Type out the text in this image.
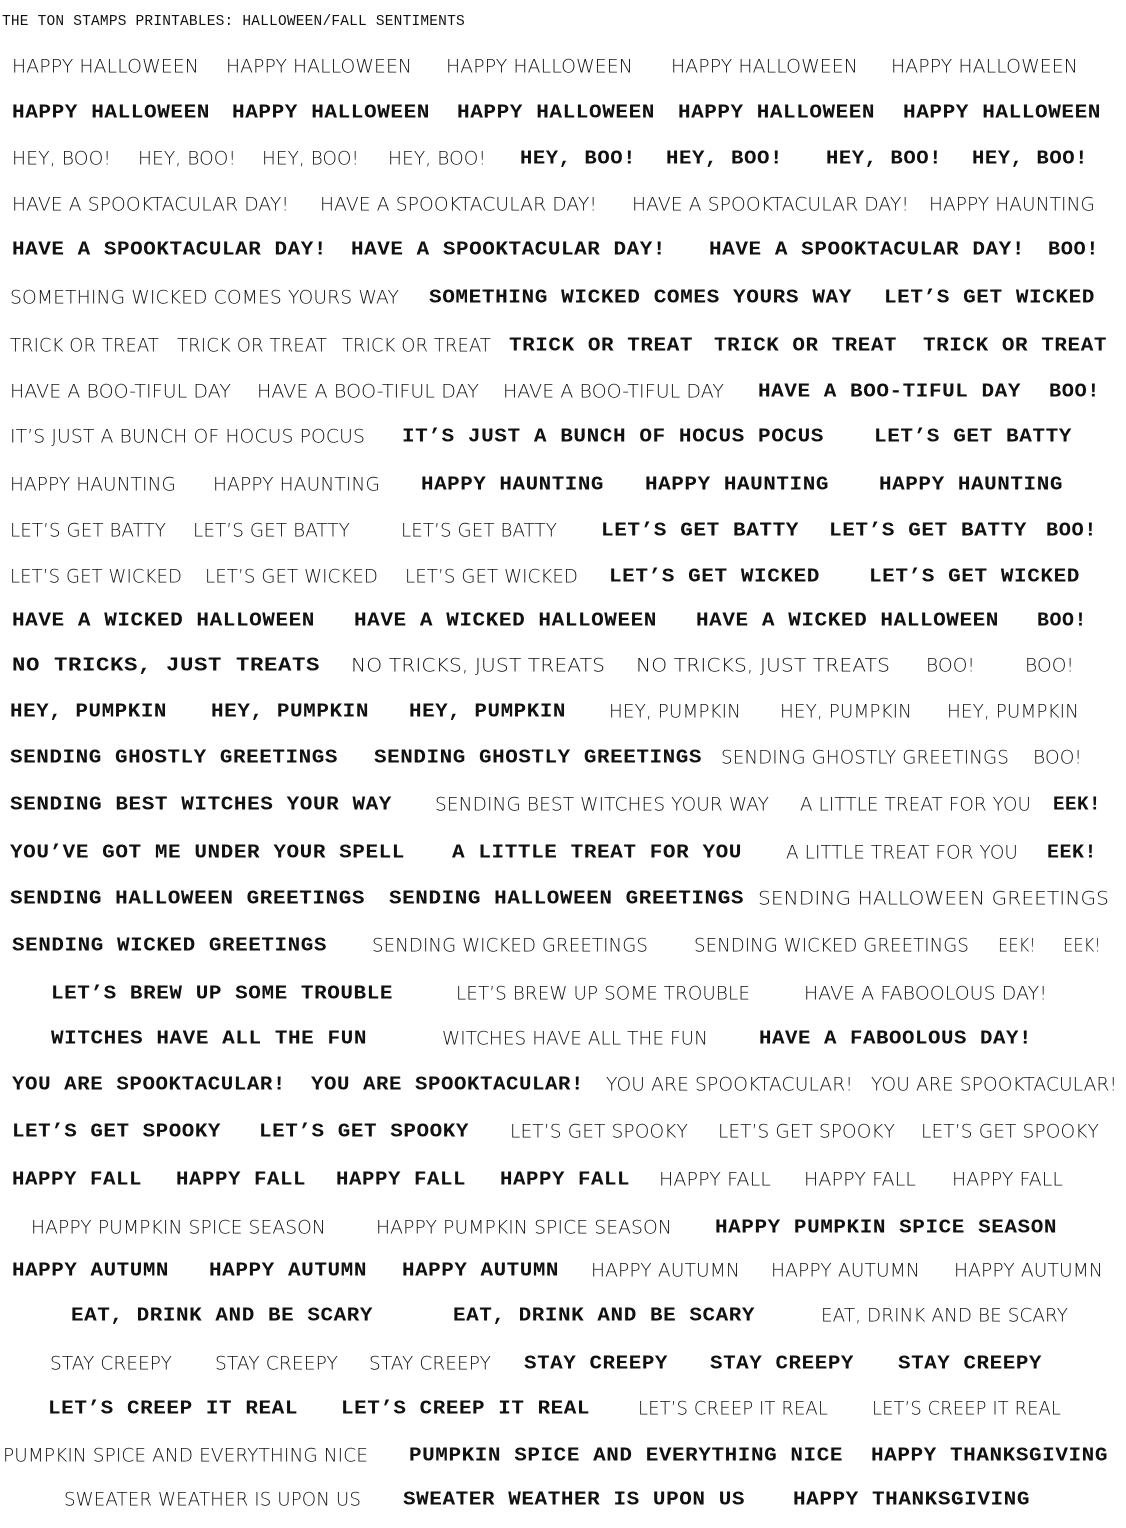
THE TON STAMPS PRINTABLES: HALLOWEEN/FALL SENTIMENTS
HAPPY HALLOWEEN HAPPY HALLOWEEN HAPPY HALLOWEEN HAPPY HALLOWEEN HAPPY HALLOWEEN
HAPPY HALLOWEEN HAPPY HALLOWEEN HAPPY HALLOWEEN HAPPY HALLOWEEN HAPPY HALLOWEEN
HEY, BOO! HEY, BOO! HEY, BOO! HEY, BOO! HEY, BOO! HEY, BOO! HEY, BOO! HEY, BOO!
HAVE A SPOOKTACULAR DAY! HAVE A SPOOKTACULAR DAY! HAVE A SPOOKTACULAR DAY! HAPPY HAUNTING
HAVE A SPOOKTACULAR DAY! HAVE A SPOOKTACULAR DAY! HAVE A SPOOKTACULAR DAY! BOO!
SOMETHING WICKED COMES YOURS WAY SOMETHING WICKED COMES YOURS WAY LET’S GET WICKED
TRICK OR TREAT TRICK OR TREAT TRICK OR TREAT TRICK OR TREAT TRICK OR TREAT TRICK OR TREAT
HAVE A BOO-TIFUL DAY HAVE A BOO-TIFUL DAY HAVE A BOO-TIFUL DAY HAVE A BOO-TIFUL DAY BOO!
IT’S JUST A BUNCH OF HOCUS POCUS IT’S JUST A BUNCH OF HOCUS POCUS	LET’S GET BATTY
HAPPY HAUNTING HAPPY HAUNTING HAPPY HAUNTING HAPPY HAUNTING	HAPPY HAUNTING
LET’S GET BATTY LET’S GET BATTY	LET’S GET BATTY LET’S GET BATTY LET’S GET BATTY BOO!
LET’S GET WICKED LET’S GET WICKED LET’S GET WICKED LET’S GET WICKED	LET’S GET WICKED
HAVE A WICKED HALLOWEEN HAVE A WICKED HALLOWEEN HAVE A WICKED HALLOWEEN BOO!
NO TRICKS, JUST TREATS NO TRICKS, JUST TREATS NO TRICKS, JUST TREATS BOO!	BOO!
HEY, PUMPKIN HEY, PUMPKIN HEY, PUMPKIN HEY, PUMPKIN HEY, PUMPKIN HEY, PUMPKIN
SENDING GHOSTLY GREETINGS SENDING GHOSTLY GREETINGS SENDING GHOSTLY GREETINGS BOO!
SENDING BEST WITCHES YOUR WAY SENDING BEST WITCHES YOUR WAY A LITTLE TREAT FOR YOU EEK!
YOU’VE GOT ME UNDER YOUR SPELL A LITTLE TREAT FOR YOU A LITTLE TREAT FOR YOU EEK!
SENDING HALLOWEEN GREETINGS SENDING HALLOWEEN GREETINGS SENDING HALLOWEEN GREETINGS
SENDING WICKED GREETINGS SENDING WICKED GREETINGS SENDING WICKED GREETINGS EEK! EEK!
LET’S BREW UP SOME TROUBLE	LET’S BREW UP SOME TROUBLE	HAVE A FABOOLOUS DAY!
WITCHES HAVE ALL THE FUN	WITCHES HAVE ALL THE FUN	HAVE A FABOOLOUS DAY!
YOU ARE SPOOKTACULAR! YOU ARE SPOOKTACULAR! YOU ARE SPOOKTACULAR! YOU ARE SPOOKTACULAR!
LET’S GET SPOOKY LET’S GET SPOOKY LET’S GET SPOOKY LET’S GET SPOOKY LET’S GET SPOOKY
HAPPY FALL HAPPY FALL HAPPY FALL HAPPY FALL HAPPY FALL HAPPY FALL HAPPY FALL
HAPPY PUMPKIN SPICE SEASON	HAPPY PUMPKIN SPICE SEASON HAPPY PUMPKIN SPICE SEASON
HAPPY AUTUMN HAPPY AUTUMN HAPPY AUTUMN HAPPY AUTUMN HAPPY AUTUMN HAPPY AUTUMN
EAT, DRINK AND BE SCARY	EAT, DRINK AND BE SCARY	EAT, DRINK AND BE SCARY
STAY CREEPY STAY CREEPY STAY CREEPY STAY CREEPY STAY CREEPY STAY CREEPY
LET’S CREEP IT REAL LET’S CREEP IT REAL	LET’S CREEP IT REAL LET’S CREEP IT REAL
PUMPKIN SPICE AND EVERYTHING NICE PUMPKIN SPICE AND EVERYTHING NICE HAPPY THANKSGIVING
SWEATER WEATHER IS UPON US SWEATER WEATHER IS UPON US	HAPPY THANKSGIVING
